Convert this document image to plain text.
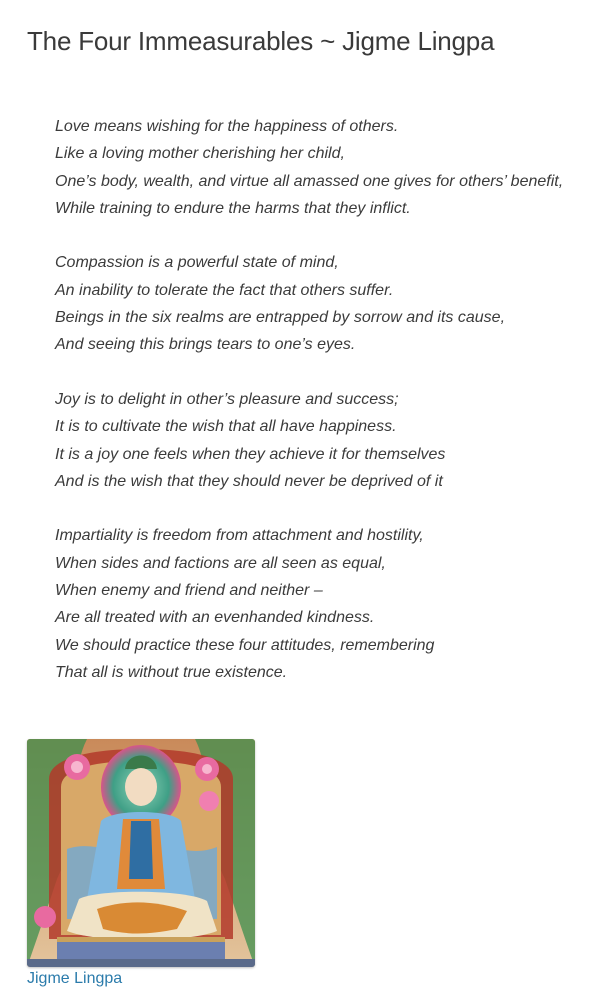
The Four Immeasurables ~ Jigme Lingpa

Love means wishing for the happiness of others.
Like a loving mother cherishing her child,
One’s body, wealth, and virtue all amassed one gives for others’ benefit,
While training to endure the harms that they inflict.

Compassion is a powerful state of mind,
An inability to tolerate the fact that others suffer.
Beings in the six realms are entrapped by sorrow and its cause,
And seeing this brings tears to one’s eyes.

Joy is to delight in other’s pleasure and success;
It is to cultivate the wish that all have happiness.
It is a joy one feels when they achieve it for themselves
And is the wish that they should never be deprived of it

Impartiality is freedom from attachment and hostility,
When sides and factions are all seen as equal,
When enemy and friend and neither –
Are all treated with an evenhanded kindness.
We should practice these four attitudes, remembering
That all is without true existence.

Jigme Lingpa
